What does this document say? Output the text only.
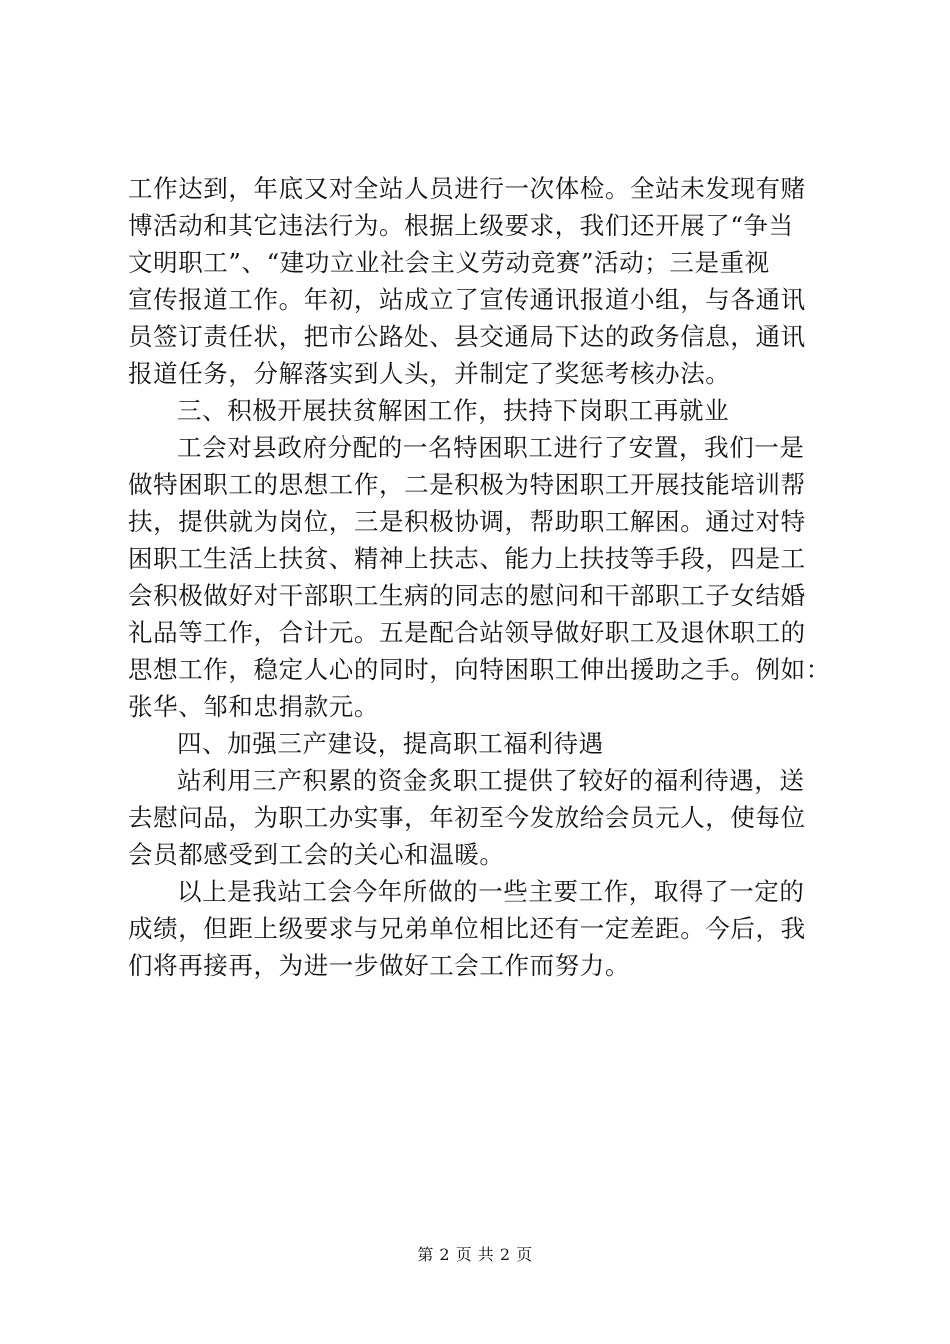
工作达到，年底又对全站人员进行一次体检。全站未发现有赌
博活动和其它违法行为。根据上级要求，我们还开展了“争当
文明职工”、“建功立业社会主义劳动竞赛”活动；三是重视
宣传报道工作。年初，站成立了宣传通讯报道小组，与各通讯
员签订责任状，把市公路处、县交通局下达的政务信息，通讯
报道任务，分解落实到人头，并制定了奖惩考核办法。
三、积极开展扶贫解困工作，扶持下岗职工再就业
工会对县政府分配的一名特困职工进行了安置，我们一是
做特困职工的思想工作，二是积极为特困职工开展技能培训帮
扶，提供就为岗位，三是积极协调，帮助职工解困。通过对特
困职工生活上扶贫、精神上扶志、能力上扶技等手段，四是工
会积极做好对干部职工生病的同志的慰问和干部职工子女结婚
礼品等工作，合计元。五是配合站领导做好职工及退休职工的
思想工作，稳定人心的同时，向特困职工伸出援助之手。例如：
张华、邹和忠捐款元。
四、加强三产建设，提高职工福利待遇
站利用三产积累的资金炙职工提供了较好的福利待遇，送
去慰问品，为职工办实事，年初至今发放给会员元人，使每位
会员都感受到工会的关心和温暖。
以上是我站工会今年所做的一些主要工作，取得了一定的
成绩，但距上级要求与兄弟单位相比还有一定差距。今后，我
们将再接再，为进一步做好工会工作而努力。
第 2 页 共 2 页
